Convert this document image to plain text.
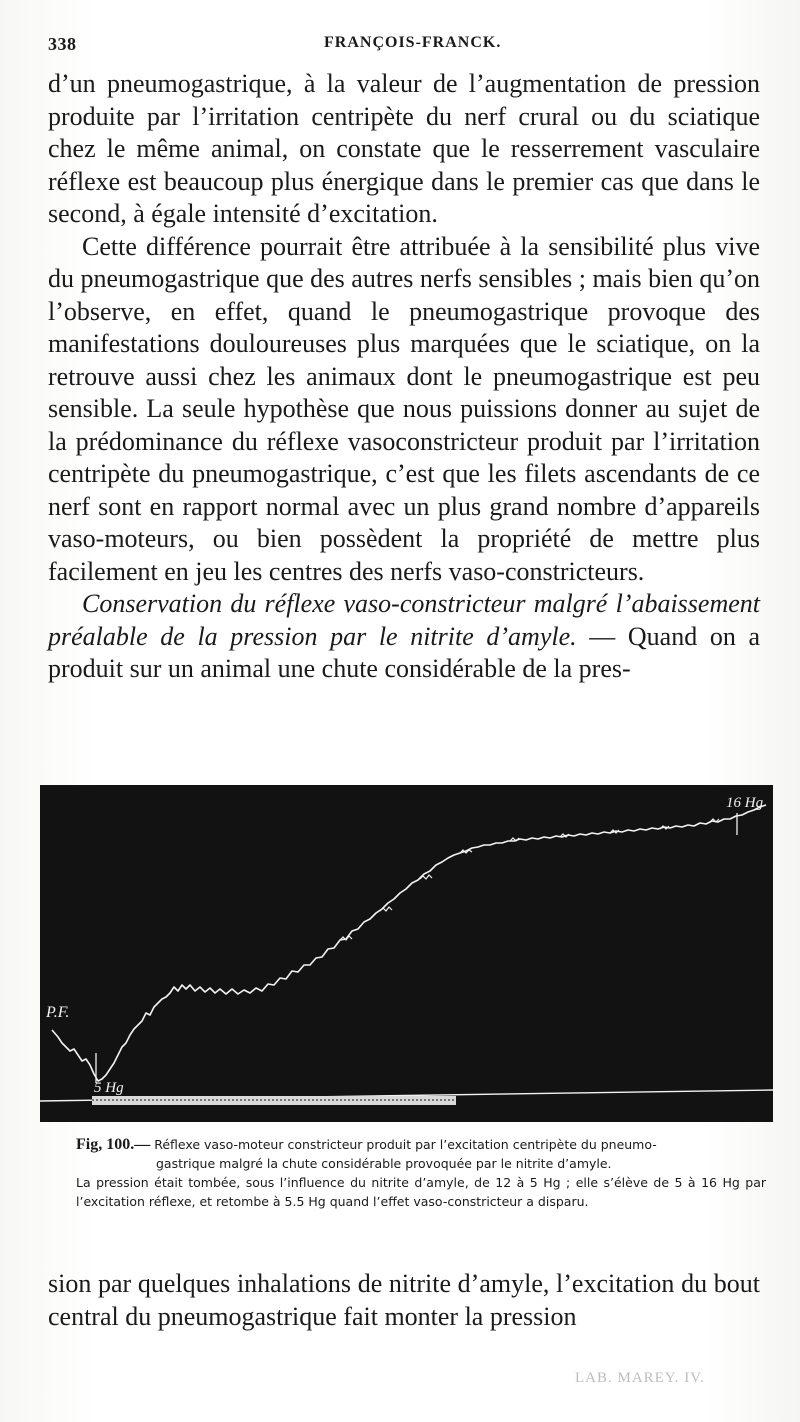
338	FRANÇOIS-FRANCK.

d’un pneumogastrique, à la valeur de l’augmentation de pression produite par l’irritation centripète du nerf crural ou du sciatique chez le même animal, on constate que le resserrement vasculaire réflexe est beaucoup plus énergique dans le premier cas que dans le second, à égale intensité d’excitation.

Cette différence pourrait être attribuée à la sensibilité plus vive du pneumogastrique que des autres nerfs sensibles ; mais bien qu’on l’observe, en effet, quand le pneumogastrique provoque des manifestations douloureuses plus marquées que le sciatique, on la retrouve aussi chez les animaux dont le pneumogastrique est peu sensible. La seule hypothèse que nous puissions donner au sujet de la prédominance du réflexe vasoconstricteur produit par l’irritation centripète du pneumogastrique, c’est que les filets ascendants de ce nerf sont en rapport normal avec un plus grand nombre d’appareils vaso-moteurs, ou bien possèdent la propriété de mettre plus facilement en jeu les centres des nerfs vaso-constricteurs.

Conservation du réflexe vaso-constricteur malgré l’abaissement préalable de la pression par le nitrite d’amyle. — Quand on a produit sur un animal une chute considérable de la pres-

P.F.
5 Hg
16 Hg
Fig, 100.— Réflexe vaso-moteur constricteur produit par l’excitation centripète du pneumo-
gastrique malgré la chute considérable provoquée par le nitrite d’amyle.
La pression était tombée, sous l’influence du nitrite d’amyle, de 12 à 5 Hg ; elle s’élève de 5 à 16 Hg par l’excitation réflexe, et retombe à 5.5 Hg quand l’effet vaso-constricteur a disparu.

sion par quelques inhalations de nitrite d’amyle, l’excitation du bout central du pneumogastrique fait monter la pression

LAB. MAREY. IV.
